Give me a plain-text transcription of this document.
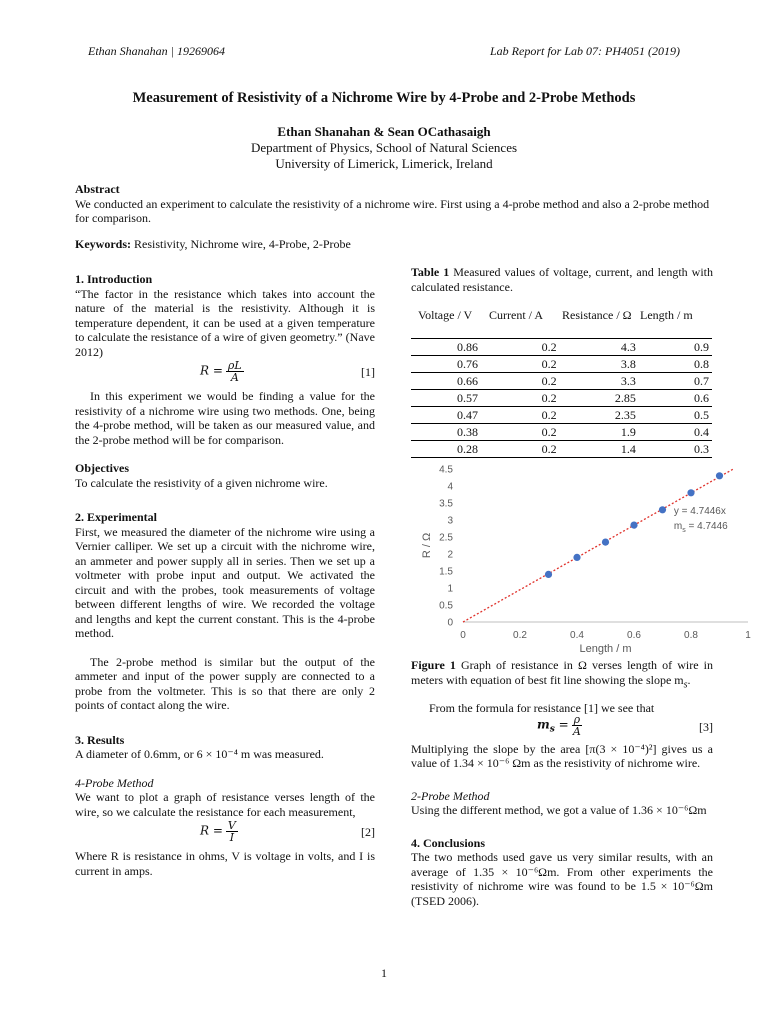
Ethan Shanahan | 19269064	Lab Report for Lab 07: PH4051 (2019)
Measurement of Resistivity of a Nichrome Wire by 4-Probe and 2-Probe Methods
Ethan Shanahan & Sean OCathasaigh
Department of Physics, School of Natural Sciences
University of Limerick, Limerick, Ireland
Abstract
We conducted an experiment to calculate the resistivity of a nichrome wire. First using a 4-probe method and also a 2-probe method for comparison.
Keywords: Resistivity, Nichrome wire, 4-Probe, 2-Probe
1. Introduction
“The factor in the resistance which takes into account the nature of the material is the resistivity. Although it is temperature dependent, it can be used at a given temperature to calculate the resistance of a wire of given geometry.” (Nave 2012)
$R = \frac{\rho L}{A}$	[1]
In this experiment we would be finding a value for the resistivity of a nichrome wire using two methods. One, being the 4-probe method, will be taken as our measured value, and the 2-probe method will be for comparison.
Objectives
To calculate the resistivity of a given nichrome wire.
2. Experimental
First, we measured the diameter of the nichrome wire using a Vernier calliper. We set up a circuit with the nichrome wire, an ammeter and power supply all in series. Then we set up a voltmeter with probe input and output. We activated the circuit and with the probes, took measurements of voltage between different lengths of wire. We recorded the voltage and lengths and kept the current constant. This is the 4-probe method.
The 2-probe method is similar but the output of the ammeter and input of the power supply are connected to a probe from the voltmeter. This is so that there are only 2 points of contact along the wire.
3. Results
A diameter of 0.6mm, or 6 × 10⁻⁴ m was measured.
4-Probe Method
We want to plot a graph of resistance verses length of the wire, so we calculate the resistance for each measurement,
$R = \frac{V}{I}$	[2]
Where R is resistance in ohms, V is voltage in volts, and I is current in amps.
Table 1 Measured values of voltage, current, and length with calculated resistance.
Voltage / V	Current / A	Resistance / Ω Length / m
0.86	0.2	4.3	0.9
0.76	0.2	3.8	0.8
0.66	0.2	3.3	0.7
0.57	0.2	2.85	0.6
0.47	0.2	2.35	0.5
0.38	0.2	1.9	0.4
0.28	0.2	1.4	0.3
0
0.5
1
1.5
2
2.5
3
3.5
4
4.5
0	0.2	0.4	0.6	0.8	1
Length / m
R / Ω
y = 4.7446x
$m_s = 4.7446$
Figure 1 Graph of resistance in Ω verses length of wire in meters with equation of best fit line showing the slope $m_s$.
From the formula for resistance [1] we see that
$m_s = \frac{\rho}{A}$	[3]
Multiplying the slope by the area [π(3 × 10⁻⁴)²] gives us a value of 1.34 × 10⁻⁶ Ωm as the resistivity of nichrome wire.
2-Probe Method
Using the different method, we got a value of 1.36 × 10⁻⁶Ωm
4. Conclusions
The two methods used gave us very similar results, with an average of 1.35 × 10⁻⁶Ωm. From other experiments the resistivity of nichrome wire was found to be 1.5 × 10⁻⁶Ωm (TSED 2006).
1
